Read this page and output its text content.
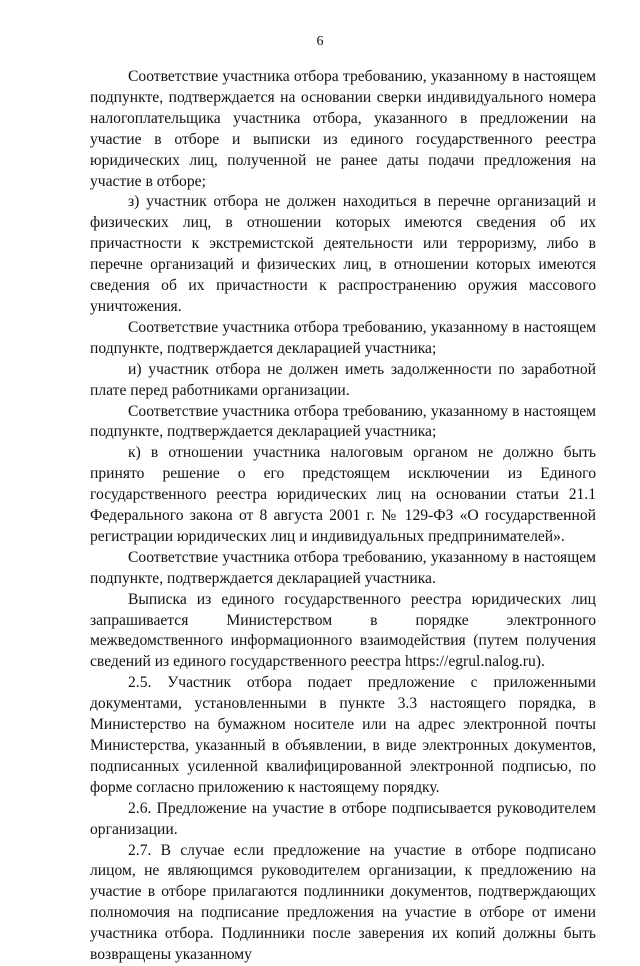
6

Соответствие участника отбора требованию, указанному в настоящем подпункте, подтверждается на основании сверки индивидуального номера налогоплательщика участника отбора, указанного в предложении на участие в отборе и выписки из единого государственного реестра юридических лиц, полученной не ранее даты подачи предложения на участие в отборе;

з) участник отбора не должен находиться в перечне организаций и физических лиц, в отношении которых имеются сведения об их причастности к экстремистской деятельности или терроризму, либо в перечне организаций и физических лиц, в отношении которых имеются сведения об их причастности к распространению оружия массового уничтожения.

Соответствие участника отбора требованию, указанному в настоящем подпункте, подтверждается декларацией участника;

и) участник отбора не должен иметь задолженности по заработной плате перед работниками организации.

Соответствие участника отбора требованию, указанному в настоящем подпункте, подтверждается декларацией участника;

к) в отношении участника налоговым органом не должно быть принято решение о его предстоящем исключении из Единого государственного реестра юридических лиц на основании статьи 21.1 Федерального закона от 8 августа 2001 г. № 129-ФЗ «О государственной регистрации юридических лиц и индивидуальных предпринимателей».

Соответствие участника отбора требованию, указанному в настоящем подпункте, подтверждается декларацией участника.

Выписка из единого государственного реестра юридических лиц запрашивается Министерством в порядке электронного межведомственного информационного взаимодействия (путем получения сведений из единого государственного реестра https://egrul.nalog.ru).

2.5. Участник отбора подает предложение с приложенными документами, установленными в пункте 3.3 настоящего порядка, в Министерство на бумажном носителе или на адрес электронной почты Министерства, указанный в объявлении, в виде электронных документов, подписанных усиленной квалифицированной электронной подписью, по форме согласно приложению к настоящему порядку.

2.6. Предложение на участие в отборе подписывается руководителем организации.

2.7. В случае если предложение на участие в отборе подписано лицом, не являющимся руководителем организации, к предложению на участие в отборе прилагаются подлинники документов, подтверждающих полномочия на подписание предложения на участие в отборе от имени участника отбора. Подлинники после заверения их копий должны быть возвращены указанному
